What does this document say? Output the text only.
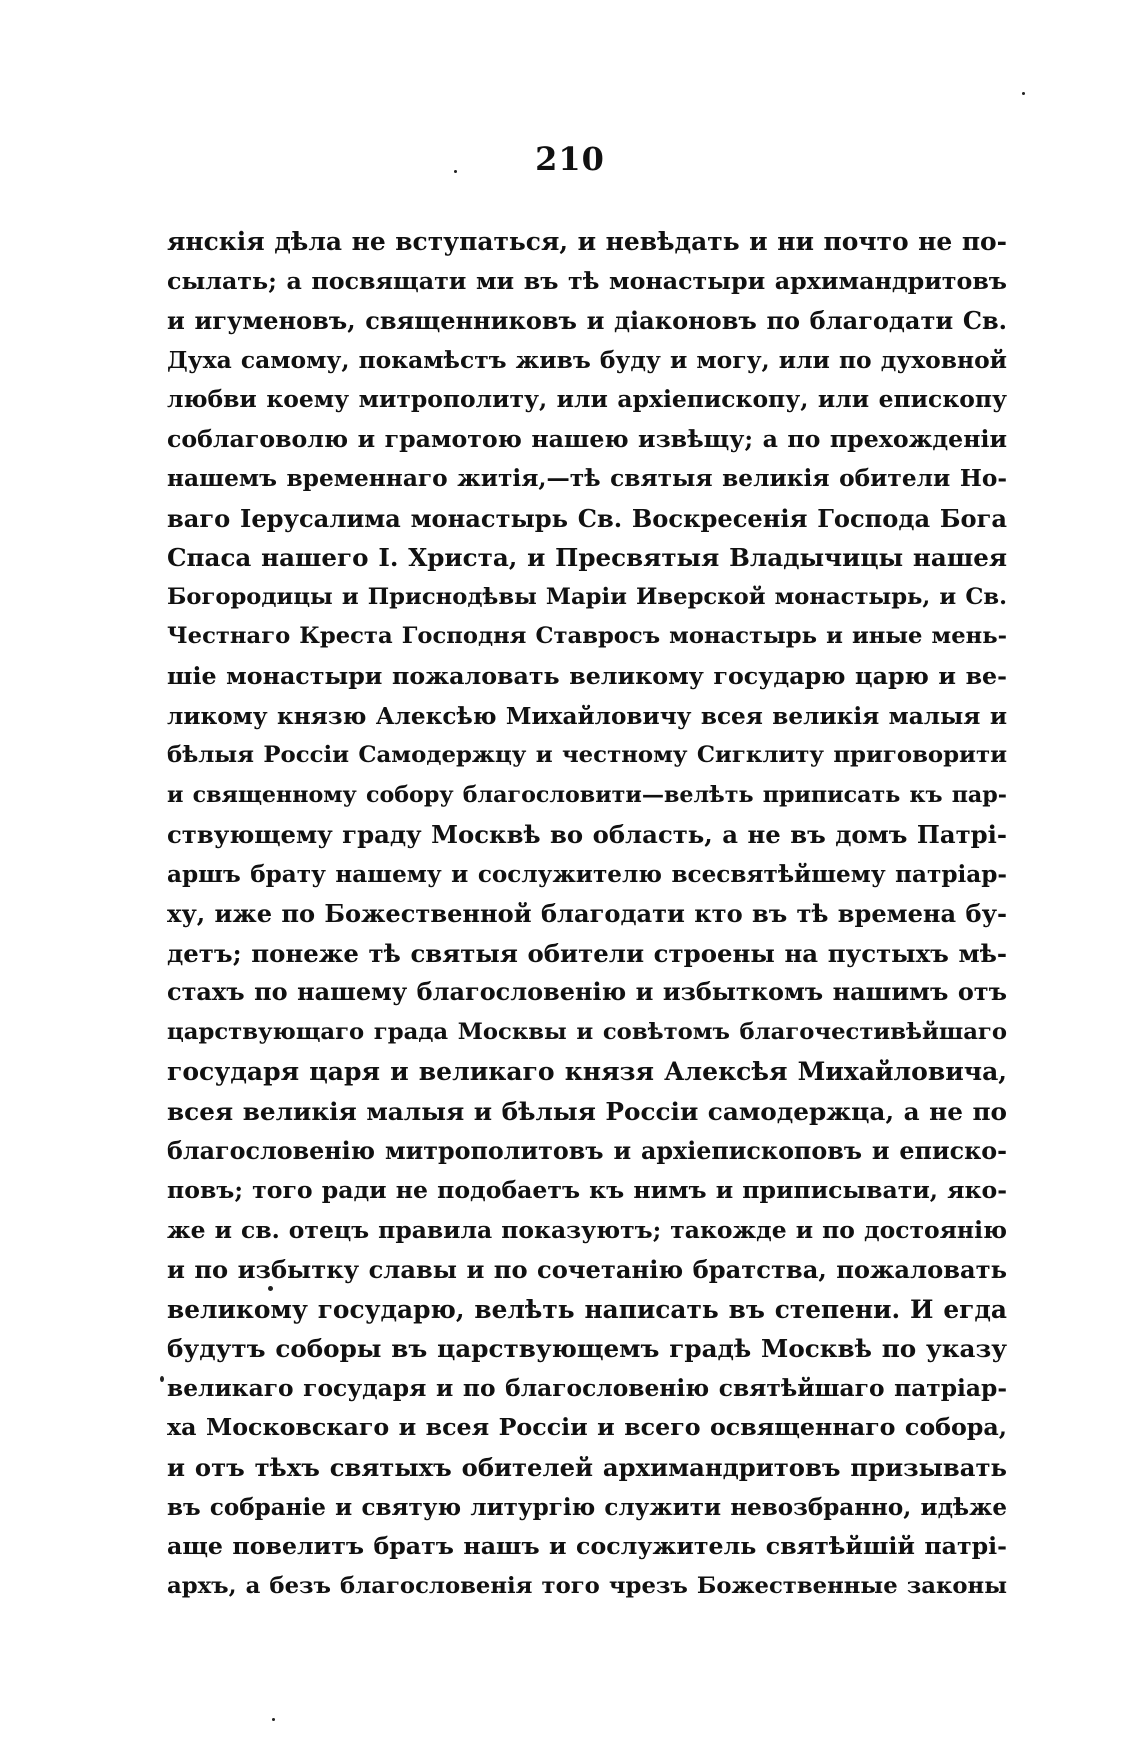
210
янскія дѣла не вступаться, и невѣдать и ни почто не по-
сылать; а посвящати ми въ тѣ монастыри архимандритовъ
и игуменовъ, священниковъ и діаконовъ по благодати Св.
Духа самому, покамѣстъ живъ буду и могу, или по духовной
любви коему митрополиту, или архіепископу, или епископу
соблаговолю и грамотою нашею извѣщу; а по прехожденіи
нашемъ временнаго житія,—тѣ святыя великія обители Но-
ваго Іерусалима монастырь Св. Воскресенія Господа Бога
Спаса нашего І. Христа, и Пресвятыя Владычицы нашея
Богородицы и Приснодѣвы Маріи Иверской монастырь, и Св.
Честнаго Креста Господня Ставросъ монастырь и иные мень-
шіе монастыри пожаловать великому государю царю и ве-
ликому князю Алексѣю Михайловичу всея великія малыя и
бѣлыя Россіи Самодержцу и честному Сигклиту приговорити
и священному собору благословити—велѣть приписать къ пар-
ствующему граду Москвѣ во область, а не въ домъ Патрі-
аршъ брату нашему и сослужителю всесвятѣйшему патріар-
ху, иже по Божественной благодати кто въ тѣ времена бу-
детъ; понеже тѣ святыя обители строены на пустыхъ мѣ-
стахъ по нашему благословенію и избыткомъ нашимъ отъ
царствующаго града Москвы и совѣтомъ благочестивѣйшаго
государя царя и великаго князя Алексѣя Михайловича,
всея великія малыя и бѣлыя Россіи самодержца, а не по
благословенію митрополитовъ и архіепископовъ и еписко-
повъ; того ради не подобаетъ къ нимъ и приписывати, яко-
же и св. отецъ правила показуютъ; такожде и по достоянію
и по избытку славы и по сочетанію братства, пожаловать
великому государю, велѣть написать въ степени. И егда
будутъ соборы въ царствующемъ градѣ Москвѣ по указу
великаго государя и по благословенію святѣйшаго патріар-
ха Московскаго и всея Россіи и всего освященнаго собора,
и отъ тѣхъ святыхъ обителей архимандритовъ призывать
въ собраніе и святую литургію служити невозбранно, идѣже
аще повелитъ братъ нашъ и сослужитель святѣйшій патрі-
архъ, а безъ благословенія того чрезъ Божественные законы
